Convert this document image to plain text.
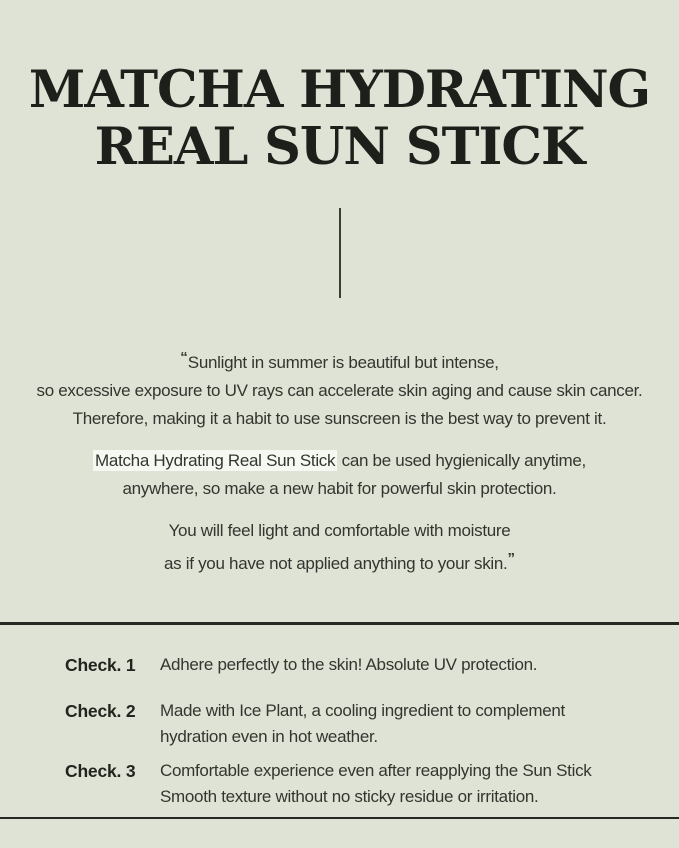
MATCHA HYDRATING
REAL SUN STICK
“Sunlight in summer is beautiful but intense,
so excessive exposure to UV rays can accelerate skin aging and cause skin cancer.
Therefore, making it a habit to use sunscreen is the best way to prevent it.
Matcha Hydrating Real Sun Stick can be used hygienically anytime,
anywhere, so make a new habit for powerful skin protection.
You will feel light and comfortable with moisture
as if you have not applied anything to your skin.”
Check. 1	Adhere perfectly to the skin! Absolute UV protection.
Check. 2	Made with Ice Plant, a cooling ingredient to complement
hydration even in hot weather.
Check. 3	Comfortable experience even after reapplying the Sun Stick
Smooth texture without no sticky residue or irritation.
